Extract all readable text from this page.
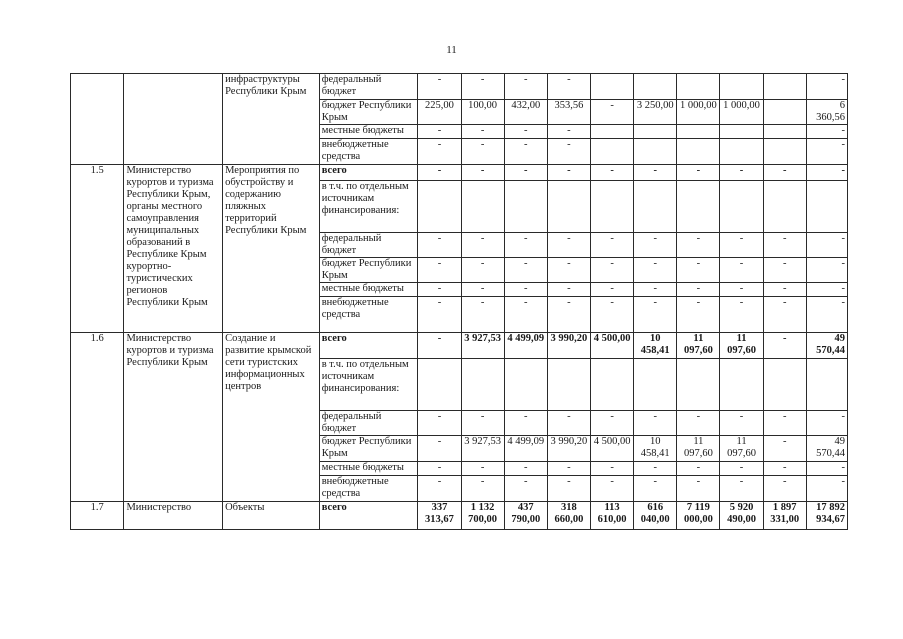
11
		инфраструктуры Республики Крым	федеральный бюджет	-	-	-	-						-
			бюджет Республики Крым	225,00	100,00	432,00	353,56	-	3 250,00	1 000,00	1 000,00		6 360,56
			местные бюджеты	-	-	-	-						-
			внебюджетные средства	-	-	-	-						-
1.5	Министерство курортов и туризма Республики Крым, органы местного самоуправления муниципальных образований в Республике Крым курортно-туристических регионов Республики Крым	Мероприятия по обустройству и содержанию пляжных территорий Республики Крым	всего	-	-	-	-	-	-	-	-	-	-
			в т.ч. по отдельным источникам финансирования:										
			федеральный бюджет	-	-	-	-	-	-	-	-	-	-
			бюджет Республики Крым	-	-	-	-	-	-	-	-	-	-
			местные бюджеты	-	-	-	-	-	-	-	-	-	-
			внебюджетные средства	-	-	-	-	-	-	-	-	-	-
1.6	Министерство курортов и туризма Республики Крым	Создание и развитие крымской сети туристских информационных центров	всего	-	3 927,53	4 499,09	3 990,20	4 500,00	10 458,41	11 097,60	11 097,60	-	49 570,44
			в т.ч. по отдельным источникам финансирования:										
			федеральный бюджет	-	-	-	-	-	-	-	-	-	-
			бюджет Республики Крым	-	3 927,53	4 499,09	3 990,20	4 500,00	10 458,41	11 097,60	11 097,60	-	49 570,44
			местные бюджеты	-	-	-	-	-	-	-	-	-	-
			внебюджетные средства	-	-	-	-	-	-	-	-	-	-
1.7	Министерство	Объекты	всего	337 313,67	1 132 700,00	437 790,00	318 660,00	113 610,00	616 040,00	7 119 000,00	5 920 490,00	1 897 331,00	17 892 934,67
